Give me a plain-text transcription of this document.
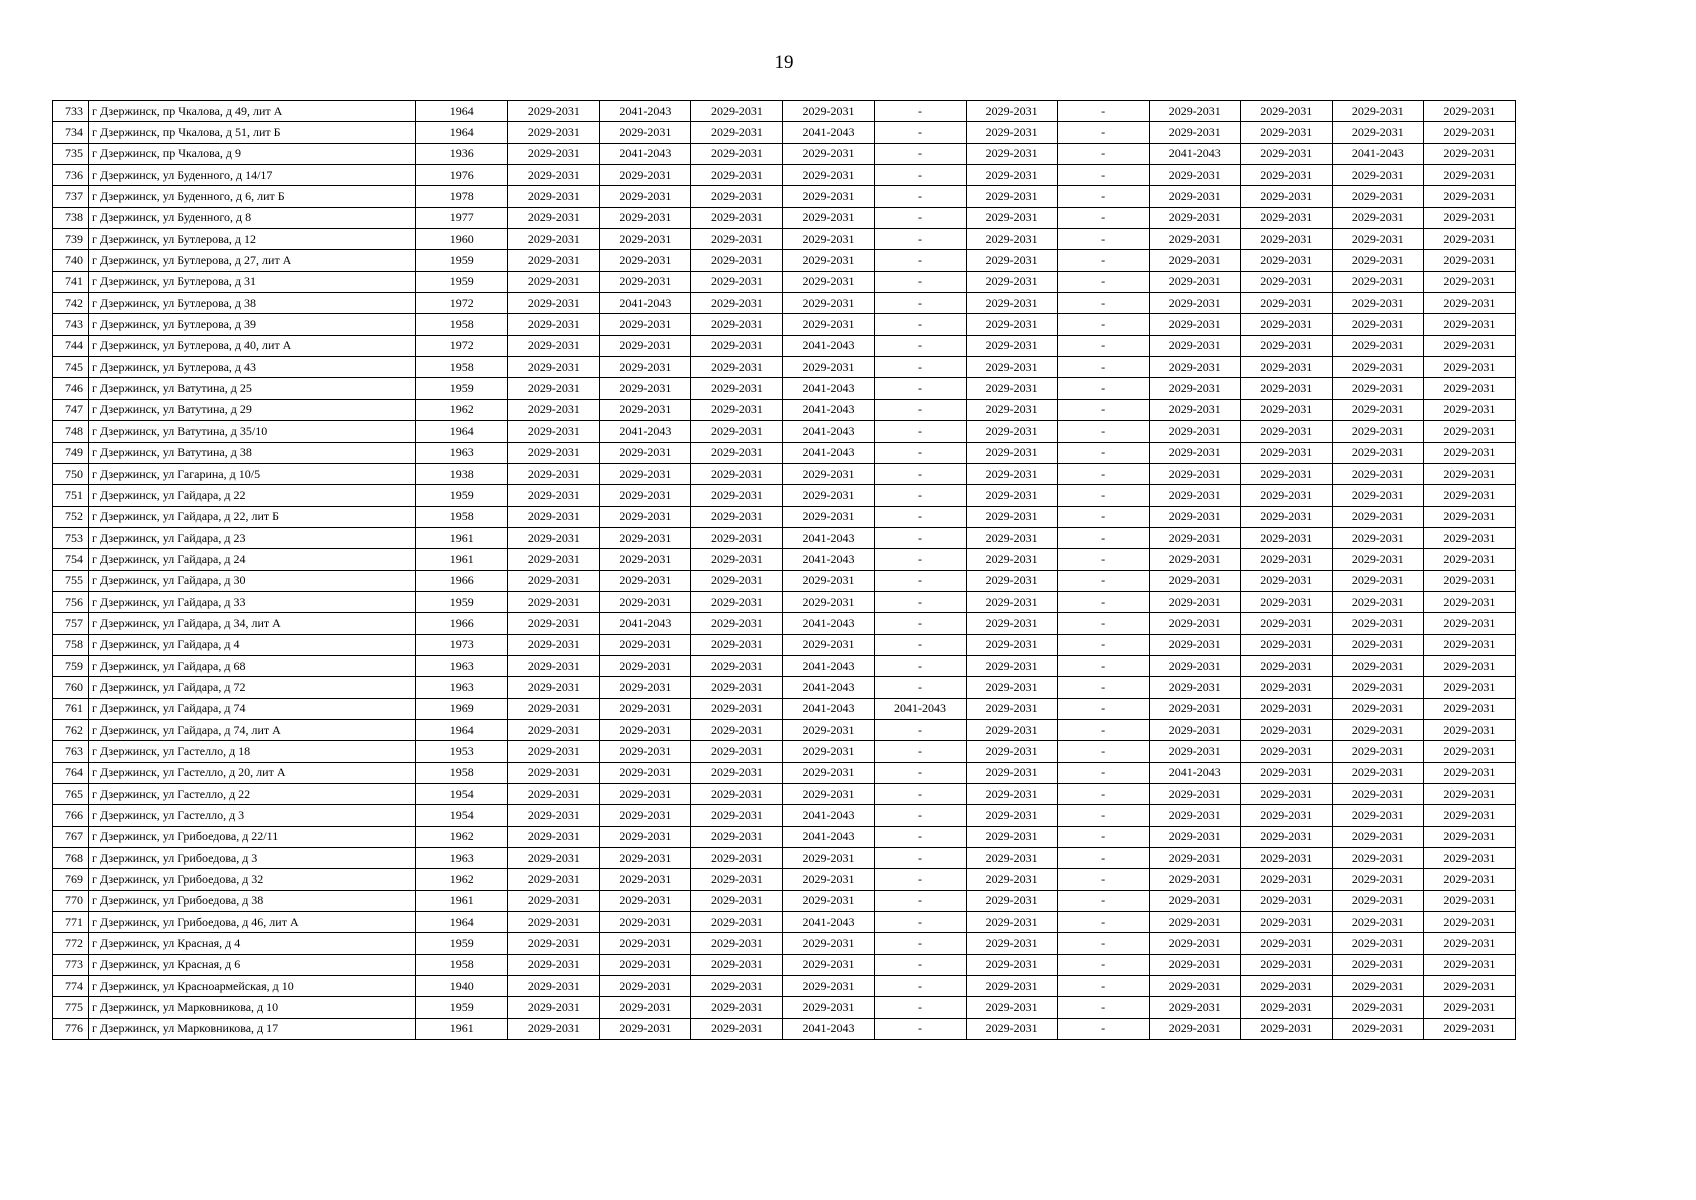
19
733	г Дзержинск, пр Чкалова, д 49, лит А	1964	2029-2031	2041-2043	2029-2031	2029-2031	-	2029-2031	-	2029-2031	2029-2031	2029-2031	2029-2031
734	г Дзержинск, пр Чкалова, д 51, лит Б	1964	2029-2031	2029-2031	2029-2031	2041-2043	-	2029-2031	-	2029-2031	2029-2031	2029-2031	2029-2031
735	г Дзержинск, пр Чкалова, д 9	1936	2029-2031	2041-2043	2029-2031	2029-2031	-	2029-2031	-	2041-2043	2029-2031	2041-2043	2029-2031
736	г Дзержинск, ул Буденного, д 14/17	1976	2029-2031	2029-2031	2029-2031	2029-2031	-	2029-2031	-	2029-2031	2029-2031	2029-2031	2029-2031
737	г Дзержинск, ул Буденного, д 6, лит Б	1978	2029-2031	2029-2031	2029-2031	2029-2031	-	2029-2031	-	2029-2031	2029-2031	2029-2031	2029-2031
738	г Дзержинск, ул Буденного, д 8	1977	2029-2031	2029-2031	2029-2031	2029-2031	-	2029-2031	-	2029-2031	2029-2031	2029-2031	2029-2031
739	г Дзержинск, ул Бутлерова, д 12	1960	2029-2031	2029-2031	2029-2031	2029-2031	-	2029-2031	-	2029-2031	2029-2031	2029-2031	2029-2031
740	г Дзержинск, ул Бутлерова, д 27, лит А	1959	2029-2031	2029-2031	2029-2031	2029-2031	-	2029-2031	-	2029-2031	2029-2031	2029-2031	2029-2031
741	г Дзержинск, ул Бутлерова, д 31	1959	2029-2031	2029-2031	2029-2031	2029-2031	-	2029-2031	-	2029-2031	2029-2031	2029-2031	2029-2031
742	г Дзержинск, ул Бутлерова, д 38	1972	2029-2031	2041-2043	2029-2031	2029-2031	-	2029-2031	-	2029-2031	2029-2031	2029-2031	2029-2031
743	г Дзержинск, ул Бутлерова, д 39	1958	2029-2031	2029-2031	2029-2031	2029-2031	-	2029-2031	-	2029-2031	2029-2031	2029-2031	2029-2031
744	г Дзержинск, ул Бутлерова, д 40, лит А	1972	2029-2031	2029-2031	2029-2031	2041-2043	-	2029-2031	-	2029-2031	2029-2031	2029-2031	2029-2031
745	г Дзержинск, ул Бутлерова, д 43	1958	2029-2031	2029-2031	2029-2031	2029-2031	-	2029-2031	-	2029-2031	2029-2031	2029-2031	2029-2031
746	г Дзержинск, ул Ватутина, д 25	1959	2029-2031	2029-2031	2029-2031	2041-2043	-	2029-2031	-	2029-2031	2029-2031	2029-2031	2029-2031
747	г Дзержинск, ул Ватутина, д 29	1962	2029-2031	2029-2031	2029-2031	2041-2043	-	2029-2031	-	2029-2031	2029-2031	2029-2031	2029-2031
748	г Дзержинск, ул Ватутина, д 35/10	1964	2029-2031	2041-2043	2029-2031	2041-2043	-	2029-2031	-	2029-2031	2029-2031	2029-2031	2029-2031
749	г Дзержинск, ул Ватутина, д 38	1963	2029-2031	2029-2031	2029-2031	2041-2043	-	2029-2031	-	2029-2031	2029-2031	2029-2031	2029-2031
750	г Дзержинск, ул Гагарина, д 10/5	1938	2029-2031	2029-2031	2029-2031	2029-2031	-	2029-2031	-	2029-2031	2029-2031	2029-2031	2029-2031
751	г Дзержинск, ул Гайдара, д 22	1959	2029-2031	2029-2031	2029-2031	2029-2031	-	2029-2031	-	2029-2031	2029-2031	2029-2031	2029-2031
752	г Дзержинск, ул Гайдара, д 22, лит Б	1958	2029-2031	2029-2031	2029-2031	2029-2031	-	2029-2031	-	2029-2031	2029-2031	2029-2031	2029-2031
753	г Дзержинск, ул Гайдара, д 23	1961	2029-2031	2029-2031	2029-2031	2041-2043	-	2029-2031	-	2029-2031	2029-2031	2029-2031	2029-2031
754	г Дзержинск, ул Гайдара, д 24	1961	2029-2031	2029-2031	2029-2031	2041-2043	-	2029-2031	-	2029-2031	2029-2031	2029-2031	2029-2031
755	г Дзержинск, ул Гайдара, д 30	1966	2029-2031	2029-2031	2029-2031	2029-2031	-	2029-2031	-	2029-2031	2029-2031	2029-2031	2029-2031
756	г Дзержинск, ул Гайдара, д 33	1959	2029-2031	2029-2031	2029-2031	2029-2031	-	2029-2031	-	2029-2031	2029-2031	2029-2031	2029-2031
757	г Дзержинск, ул Гайдара, д 34, лит А	1966	2029-2031	2041-2043	2029-2031	2041-2043	-	2029-2031	-	2029-2031	2029-2031	2029-2031	2029-2031
758	г Дзержинск, ул Гайдара, д 4	1973	2029-2031	2029-2031	2029-2031	2029-2031	-	2029-2031	-	2029-2031	2029-2031	2029-2031	2029-2031
759	г Дзержинск, ул Гайдара, д 68	1963	2029-2031	2029-2031	2029-2031	2041-2043	-	2029-2031	-	2029-2031	2029-2031	2029-2031	2029-2031
760	г Дзержинск, ул Гайдара, д 72	1963	2029-2031	2029-2031	2029-2031	2041-2043	-	2029-2031	-	2029-2031	2029-2031	2029-2031	2029-2031
761	г Дзержинск, ул Гайдара, д 74	1969	2029-2031	2029-2031	2029-2031	2041-2043	2041-2043	2029-2031	-	2029-2031	2029-2031	2029-2031	2029-2031
762	г Дзержинск, ул Гайдара, д 74, лит А	1964	2029-2031	2029-2031	2029-2031	2029-2031	-	2029-2031	-	2029-2031	2029-2031	2029-2031	2029-2031
763	г Дзержинск, ул Гастелло, д 18	1953	2029-2031	2029-2031	2029-2031	2029-2031	-	2029-2031	-	2029-2031	2029-2031	2029-2031	2029-2031
764	г Дзержинск, ул Гастелло, д 20, лит А	1958	2029-2031	2029-2031	2029-2031	2029-2031	-	2029-2031	-	2041-2043	2029-2031	2029-2031	2029-2031
765	г Дзержинск, ул Гастелло, д 22	1954	2029-2031	2029-2031	2029-2031	2029-2031	-	2029-2031	-	2029-2031	2029-2031	2029-2031	2029-2031
766	г Дзержинск, ул Гастелло, д 3	1954	2029-2031	2029-2031	2029-2031	2041-2043	-	2029-2031	-	2029-2031	2029-2031	2029-2031	2029-2031
767	г Дзержинск, ул Грибоедова, д 22/11	1962	2029-2031	2029-2031	2029-2031	2041-2043	-	2029-2031	-	2029-2031	2029-2031	2029-2031	2029-2031
768	г Дзержинск, ул Грибоедова, д 3	1963	2029-2031	2029-2031	2029-2031	2029-2031	-	2029-2031	-	2029-2031	2029-2031	2029-2031	2029-2031
769	г Дзержинск, ул Грибоедова, д 32	1962	2029-2031	2029-2031	2029-2031	2029-2031	-	2029-2031	-	2029-2031	2029-2031	2029-2031	2029-2031
770	г Дзержинск, ул Грибоедова, д 38	1961	2029-2031	2029-2031	2029-2031	2029-2031	-	2029-2031	-	2029-2031	2029-2031	2029-2031	2029-2031
771	г Дзержинск, ул Грибоедова, д 46, лит А	1964	2029-2031	2029-2031	2029-2031	2041-2043	-	2029-2031	-	2029-2031	2029-2031	2029-2031	2029-2031
772	г Дзержинск, ул Красная, д 4	1959	2029-2031	2029-2031	2029-2031	2029-2031	-	2029-2031	-	2029-2031	2029-2031	2029-2031	2029-2031
773	г Дзержинск, ул Красная, д 6	1958	2029-2031	2029-2031	2029-2031	2029-2031	-	2029-2031	-	2029-2031	2029-2031	2029-2031	2029-2031
774	г Дзержинск, ул Красноармейская, д 10	1940	2029-2031	2029-2031	2029-2031	2029-2031	-	2029-2031	-	2029-2031	2029-2031	2029-2031	2029-2031
775	г Дзержинск, ул Марковникова, д 10	1959	2029-2031	2029-2031	2029-2031	2029-2031	-	2029-2031	-	2029-2031	2029-2031	2029-2031	2029-2031
776	г Дзержинск, ул Марковникова, д 17	1961	2029-2031	2029-2031	2029-2031	2041-2043	-	2029-2031	-	2029-2031	2029-2031	2029-2031	2029-2031
